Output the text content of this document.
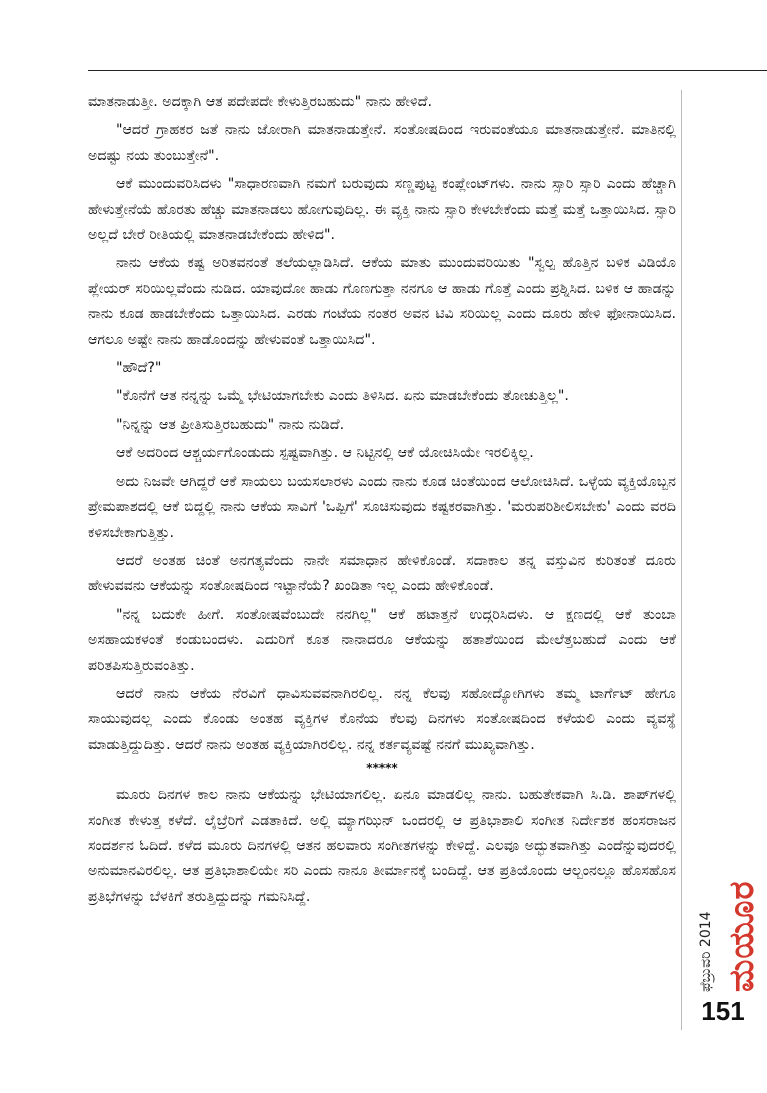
ಮಾತನಾಡುತ್ತೀ. ಅದಕ್ಕಾಗಿ ಆತ ಪದೇಪದೇ ಕೇಳುತ್ತಿರಬಹುದು" ನಾನು ಹೇಳಿದೆ.

"ಆದರೆ ಗ್ರಾಹಕರ ಜತೆ ನಾನು ಜೋರಾಗಿ ಮಾತನಾಡುತ್ತೇನೆ. ಸಂತೋಷದಿಂದ ಇರುವಂತೆಯೂ ಮಾತನಾಡುತ್ತೇನೆ. ಮಾತಿನಲ್ಲಿ ಅದಷ್ಟು ನಯ ತುಂಬುತ್ತೇನೆ".

ಆಕೆ ಮುಂದುವರಿಸಿದಳು "ಸಾಧಾರಣವಾಗಿ ನಮಗೆ ಬರುವುದು ಸಣ್ಣಪುಟ್ಟ ಕಂಪ್ಲೇಂಟ್‌ಗಳು. ನಾನು ಸ್ಸಾರಿ ಸ್ಸಾರಿ ಎಂದು ಹೆಚ್ಚಾಗಿ ಹೇಳುತ್ತೇನೆಯೆ ಹೊರತು ಹೆಚ್ಚು ಮಾತನಾಡಲು ಹೋಗುವುದಿಲ್ಲ. ಈ ವ್ಯಕ್ತಿ ನಾನು ಸ್ಸಾರಿ ಕೇಳಬೇಕೆಂದು ಮತ್ತೆ ಮತ್ತೆ ಒತ್ತಾಯಿಸಿದ. ಸ್ಸಾರಿ ಅಲ್ಲದೆ ಬೇರೆ ರೀತಿಯಲ್ಲಿ ಮಾತನಾಡಬೇಕೆಂದು ಹೇಳಿದ".

ನಾನು ಆಕೆಯ ಕಷ್ಟ ಅರಿತವನಂತೆ ತಲೆಯಲ್ಲಾಡಿಸಿದೆ. ಆಕೆಯ ಮಾತು ಮುಂದುವರಿಯಿತು "ಸ್ವಲ್ಪ ಹೊತ್ತಿನ ಬಳಿಕ ವಿಡಿಯೊ ಪ್ಲೇಯರ್ ಸರಿಯಿಲ್ಲವೆಂದು ನುಡಿದ. ಯಾವುದೋ ಹಾಡು ಗೊಣಗುತ್ತಾ ನನಗೂ ಆ ಹಾಡು ಗೊತ್ತೆ ಎಂದು ಪ್ರಶ್ನಿಸಿದ. ಬಳಿಕ ಆ ಹಾಡನ್ನು ನಾನು ಕೂಡ ಹಾಡಬೇಕೆಂದು ಒತ್ತಾಯಿಸಿದ. ಎರಡು ಗಂಟೆಯ ನಂತರ ಅವನ ಟಿವಿ ಸರಿಯಿಲ್ಲ ಎಂದು ದೂರು ಹೇಳಿ ಫೋನಾಯಿಸಿದ. ಆಗಲೂ ಅಷ್ಟೇ ನಾನು ಹಾಡೊಂದನ್ನು ಹೇಳುವಂತೆ ಒತ್ತಾಯಿಸಿದ".

"ಹೌದೆ?"

"ಕೊನೆಗೆ ಆತ ನನ್ನನ್ನು ಒಮ್ಮೆ ಭೇಟಿಯಾಗಬೇಕು ಎಂದು ತಿಳಿಸಿದ. ಏನು ಮಾಡಬೇಕೆಂದು ತೋಚುತ್ತಿಲ್ಲ".

"ನಿನ್ನನ್ನು ಆತ ಪ್ರೀತಿಸುತ್ತಿರಬಹುದು" ನಾನು ನುಡಿದೆ.

ಆಕೆ ಅದರಿಂದ ಆಶ್ಚರ್ಯಗೊಂಡುದು ಸ್ಪಷ್ಟವಾಗಿತ್ತು. ಆ ನಿಟ್ಟಿನಲ್ಲಿ ಆಕೆ ಯೋಚಿಸಿಯೇ ಇರಲಿಕ್ಕಿಲ್ಲ.

ಅದು ನಿಜವೇ ಆಗಿದ್ದರೆ ಆಕೆ ಸಾಯಲು ಬಯಸಲಾರಳು ಎಂದು ನಾನು ಕೂಡ ಚಿಂತೆಯಿಂದ ಆಲೋಚಿಸಿದೆ. ಒಳ್ಳೆಯ ವ್ಯಕ್ತಿಯೊಬ್ಬನ ಪ್ರೇಮಪಾಶದಲ್ಲಿ ಆಕೆ ಬಿದ್ದಲ್ಲಿ ನಾನು ಆಕೆಯ ಸಾವಿಗೆ 'ಒಪ್ಪಿಗೆ' ಸೂಚಿಸುವುದು ಕಷ್ಟಕರವಾಗಿತ್ತು. 'ಮರುಪರಿಶೀಲಿಸಬೇಕು' ಎಂದು ವರದಿ ಕಳಿಸಬೇಕಾಗುತ್ತಿತ್ತು.

ಆದರೆ ಅಂತಹ ಚಿಂತೆ ಅನಗತ್ಯವೆಂದು ನಾನೇ ಸಮಾಧಾನ ಹೇಳಿಕೊಂಡೆ. ಸದಾಕಾಲ ತನ್ನ ವಸ್ತುವಿನ ಕುರಿತಂತೆ ದೂರು ಹೇಳುವವನು ಆಕೆಯನ್ನು ಸಂತೋಷದಿಂದ ಇಟ್ಟಾನೆಯೆ? ಖಂಡಿತಾ ಇಲ್ಲ ಎಂದು ಹೇಳಿಕೊಂಡೆ.

"ನನ್ನ ಬದುಕೇ ಹೀಗೆ. ಸಂತೋಷವೆಂಬುದೇ ನನಗಿಲ್ಲ" ಆಕೆ ಹಟಾತ್ತನೆ ಉದ್ಗರಿಸಿದಳು. ಆ ಕ್ಷಣದಲ್ಲಿ ಆಕೆ ತುಂಬಾ ಅಸಹಾಯಕಳಂತೆ ಕಂಡುಬಂದಳು. ಎದುರಿಗೆ ಕೂತ ನಾನಾದರೂ ಆಕೆಯನ್ನು ಹತಾಶೆಯಿಂದ ಮೇಲೆತ್ತಬಹುದೆ ಎಂದು ಆಕೆ ಪರಿತಪಿಸುತ್ತಿರುವಂತಿತ್ತು.

ಆದರೆ ನಾನು ಆಕೆಯ ನೆರವಿಗೆ ಧಾವಿಸುವವನಾಗಿರಲಿಲ್ಲ. ನನ್ನ ಕೆಲವು ಸಹೋದ್ಯೋಗಿಗಳು ತಮ್ಮ ಟಾರ್ಗೆಟ್ ಹೇಗೂ ಸಾಯುವುದಲ್ಲ ಎಂದು ಕೊಂಡು ಅಂತಹ ವ್ಯಕ್ತಿಗಳ ಕೊನೆಯ ಕೆಲವು ದಿನಗಳು ಸಂತೋಷದಿಂದ ಕಳೆಯಲಿ ಎಂದು ವ್ಯವಸ್ಥೆ ಮಾಡುತ್ತಿದ್ದುದಿತ್ತು. ಆದರೆ ನಾನು ಅಂತಹ ವ್ಯಕ್ತಿಯಾಗಿರಲಿಲ್ಲ. ನನ್ನ ಕರ್ತವ್ಯವಷ್ಟೆ ನನಗೆ ಮುಖ್ಯವಾಗಿತ್ತು.

*****

ಮೂರು ದಿನಗಳ ಕಾಲ ನಾನು ಆಕೆಯನ್ನು ಭೇಟಿಯಾಗಲಿಲ್ಲ. ಏನೂ ಮಾಡಲಿಲ್ಲ ನಾನು. ಬಹುತೇಕವಾಗಿ ಸಿ.ಡಿ. ಶಾಪ್‌ಗಳಲ್ಲಿ ಸಂಗೀತ ಕೇಳುತ್ತ ಕಳೆದೆ. ಲೈಬ್ರೆರಿಗೆ ಎಡತಾಕಿದೆ. ಅಲ್ಲಿ ಮ್ಯಾಗಝಿನ್ ಒಂದರಲ್ಲಿ ಆ ಪ್ರತಿಭಾಶಾಲಿ ಸಂಗೀತ ನಿರ್ದೇಶಕ ಹಂಸರಾಜನ ಸಂದರ್ಶನ ಓದಿದೆ. ಕಳೆದ ಮೂರು ದಿನಗಳಲ್ಲಿ ಆತನ ಹಲವಾರು ಸಂಗೀತಗಳನ್ನು ಕೇಳಿದ್ದೆ. ಎಲವೂ ಅದ್ಭುತವಾಗಿತ್ತು ಎಂದೆನ್ನುವುದರಲ್ಲಿ ಅನುಮಾನವಿರಲಿಲ್ಲ. ಆತ ಪ್ರತಿಭಾಶಾಲಿಯೇ ಸರಿ ಎಂದು ನಾನೂ ತೀರ್ಮಾನಕ್ಕೆ ಬಂದಿದ್ದೆ. ಆತ ಪ್ರತಿಯೊಂದು ಆಲ್ಬಂನಲ್ಲೂ ಹೊಸಹೊಸ ಪ್ರತಿಭೆಗಳನ್ನು ಬೆಳಕಿಗೆ ತರುತ್ತಿದ್ದುದನ್ನು ಗಮನಿಸಿದ್ದೆ.

ಫೆಬ್ರುವರಿ 2014 ಮಯೂರ
151
